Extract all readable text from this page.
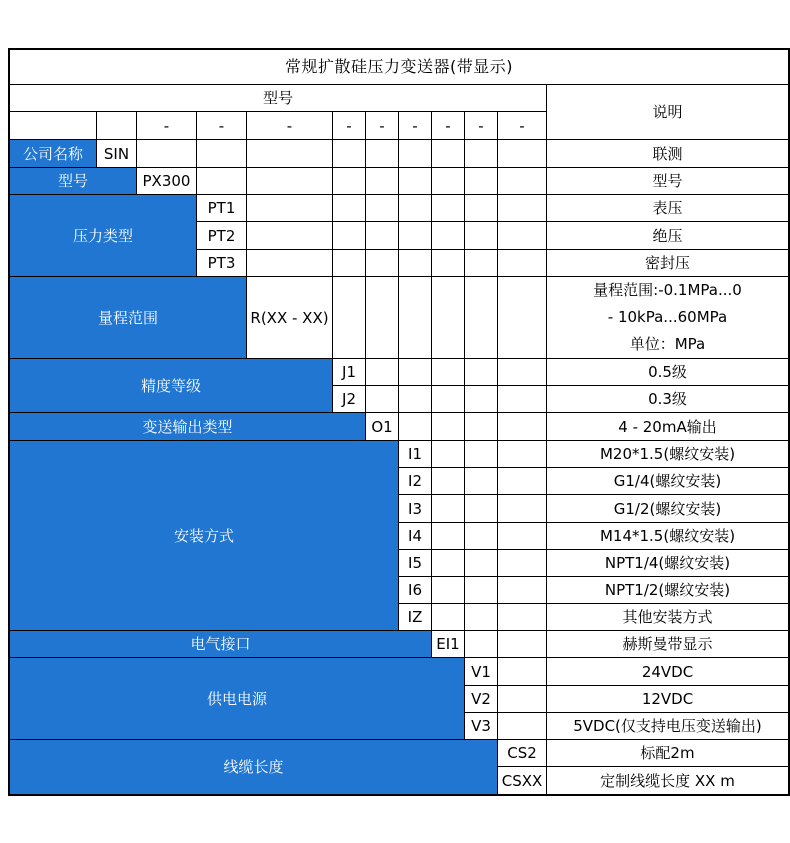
常规扩散硅压力变送器(带显示)
型号
说明
-	-	-	-	-	-	-	-	-
公司名称	SIN	联测
型号	PX300	型号
压力类型
PT1	表压
PT2	绝压
PT3	密封压
量程范围	R(XX - XX)
量程范围:-0.1MPa...0
- 10kPa...60MPa
单位：MPa
精度等级
J1	0.5级
J2	0.3级
变送输出类型	O1	4 - 20mA输出
安装方式
I1	M20*1.5(螺纹安装)
I2	G1/4(螺纹安装)
I3	G1/2(螺纹安装)
I4	M14*1.5(螺纹安装)
I5	NPT1/4(螺纹安装)
I6	NPT1/2(螺纹安装)
IZ	其他安装方式
电气接口	EI1	赫斯曼带显示
供电电源
V1	24VDC
V2	12VDC
V3	5VDC(仅支持电压变送输出)
线缆长度
CS2	标配2m
CSXX	定制线缆长度 XX m
